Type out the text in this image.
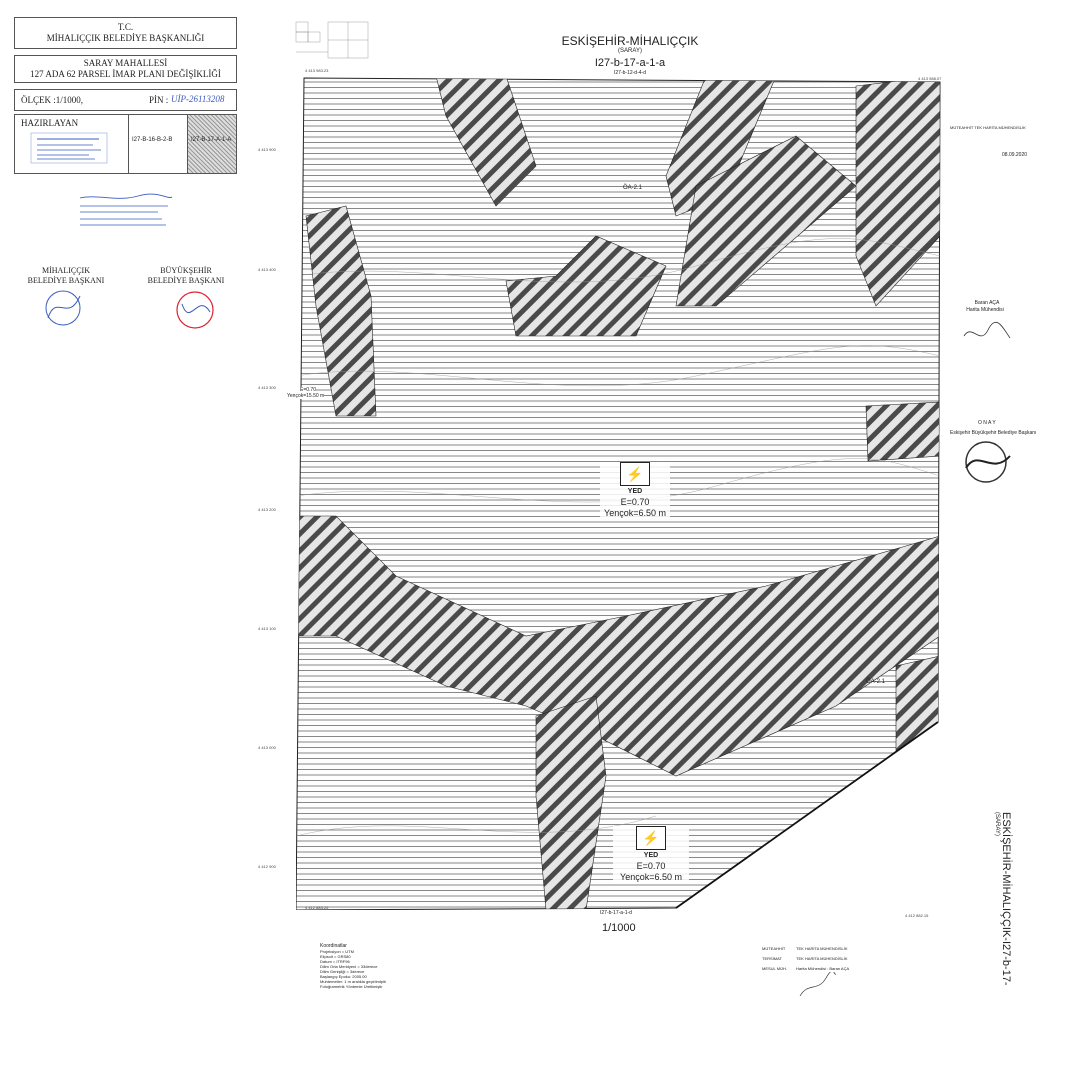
T.C.
MİHALIÇÇIK BELEDİYE BAŞKANLIĞI
SARAY MAHALLESİ
127 ADA 62 PARSEL İMAR PLANI DEĞİŞİKLİĞİ
ÖLÇEK :1/1000,	PİN : UİP-26113208
HAZIRLAYAN
I27-B-16-B-2-B	I27-B-17-A-1-A
MİHALIÇÇIK
BELEDİYE BAŞKANI
BÜYÜKŞEHİR
BELEDİYE BAŞKANI
ESKİŞEHİR-MİHALIÇÇIK
(SARAY)
I27-b-17-a-1-a
I27-b-12-d-4-d
ÖA-2.1
ÖA-2.1
E=0.70
Yençok=15.50 m
⚡
YED
E=0.70
Yençok=6.50 m
⚡
YED
E=0.70
Yençok=6.50 m
4 413 983.23
4 413 988.07
4 412 883.25
4 412 882.15
4 413 900
4 413 400
4 413 300
4 413 200
4 413 100
4 413 000
4 412 900
I27-b-17-a-1-d
1/1000
MÜTEAHHİT TEK HARİTA MÜHENDİSLİK
08.09.2020
Baran AÇA
Harita Mühendisi
O N A Y
Eskişehir Büyükşehir Belediye Başkanı
ESKİŞEHİR-MİHALIÇÇIK-I27-b-17-
(SARAY)
Koordinatlar
Projeksiyon = UTM
Elipsoit = GRS80
Datum = ITRF96
Dilim Orta Meridyeni = 33derece
Dilim Genişliği = 3derece
Başlangıç Epoku: 2005.00
Muhtemeller: 1 m aralıkla geçirilmiştir
Fotoğrametrik Yöntemle Üretilmiştir
MÜTEAHHİT	TEK HARİTA MÜHENDİSLİK
TERSİMAT	TEK HARİTA MÜHENDİSLİK
MESUL MÜH.	Harita Mühendisi : Baran AÇA
